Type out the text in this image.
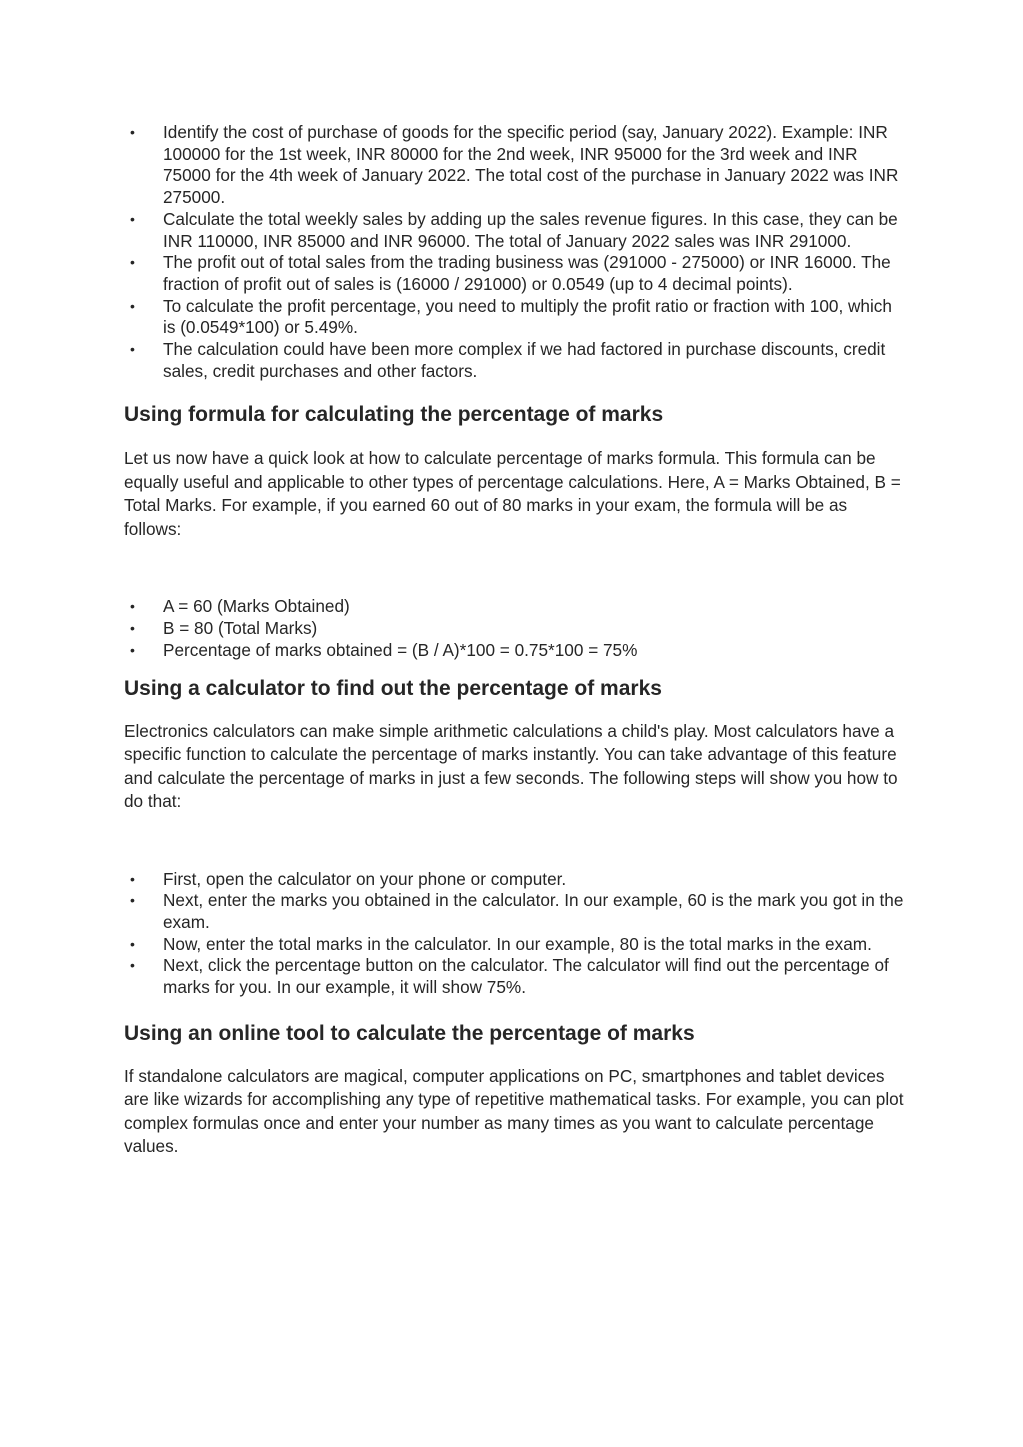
• Identify the cost of purchase of goods for the specific period (say, January 2022). Example: INR 100000 for the 1st week, INR 80000 for the 2nd week, INR 95000 for the 3rd week and INR 75000 for the 4th week of January 2022. The total cost of the purchase in January 2022 was INR 275000.
• Calculate the total weekly sales by adding up the sales revenue figures. In this case, they can be INR 110000, INR 85000 and INR 96000. The total of January 2022 sales was INR 291000.
• The profit out of total sales from the trading business was (291000 - 275000) or INR 16000. The fraction of profit out of sales is (16000 / 291000) or 0.0549 (up to 4 decimal points).
• To calculate the profit percentage, you need to multiply the profit ratio or fraction with 100, which is (0.0549*100) or 5.49%.
• The calculation could have been more complex if we had factored in purchase discounts, credit sales, credit purchases and other factors.
Using formula for calculating the percentage of marks

Let us now have a quick look at how to calculate percentage of marks formula. This formula can be equally useful and applicable to other types of percentage calculations. Here, A = Marks Obtained, B = Total Marks. For example, if you earned 60 out of 80 marks in your exam, the formula will be as follows:

• A = 60 (Marks Obtained)
• B = 80 (Total Marks)
• Percentage of marks obtained = (B / A)*100 = 0.75*100 = 75%
Using a calculator to find out the percentage of marks

Electronics calculators can make simple arithmetic calculations a child's play. Most calculators have a specific function to calculate the percentage of marks instantly. You can take advantage of this feature and calculate the percentage of marks in just a few seconds. The following steps will show you how to do that:

• First, open the calculator on your phone or computer.
• Next, enter the marks you obtained in the calculator. In our example, 60 is the mark you got in the exam.
• Now, enter the total marks in the calculator. In our example, 80 is the total marks in the exam.
• Next, click the percentage button on the calculator. The calculator will find out the percentage of marks for you. In our example, it will show 75%.
Using an online tool to calculate the percentage of marks

If standalone calculators are magical, computer applications on PC, smartphones and tablet devices are like wizards for accomplishing any type of repetitive mathematical tasks. For example, you can plot complex formulas once and enter your number as many times as you want to calculate percentage values.
